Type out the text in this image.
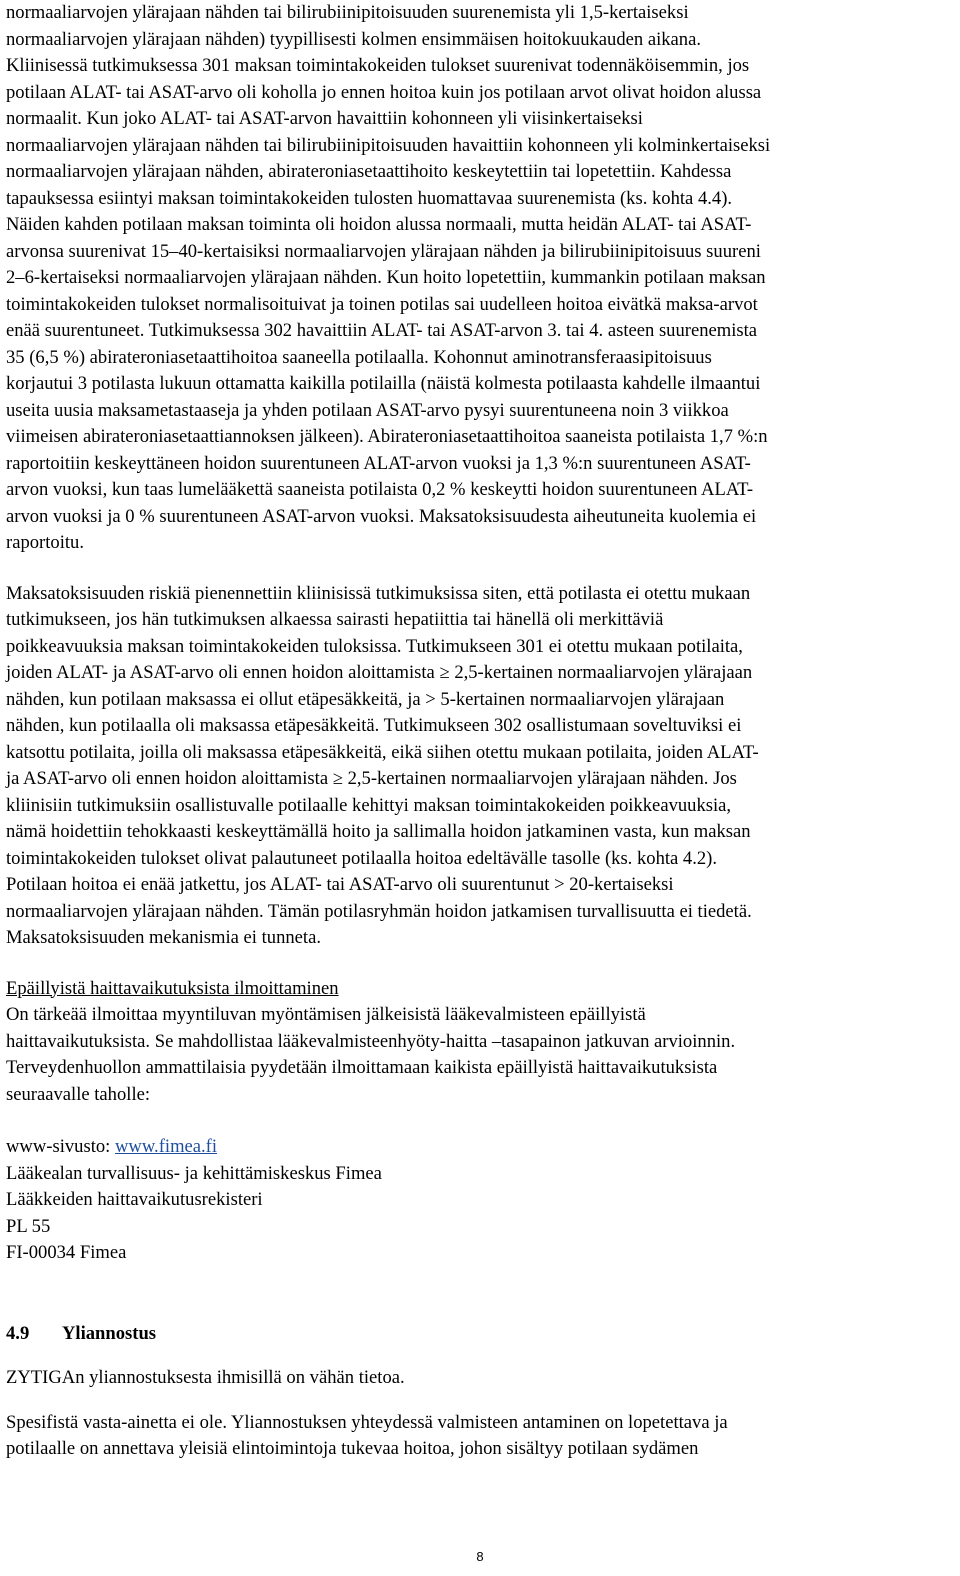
normaaliarvojen ylärajaan nähden tai bilirubiinipitoisuuden suurenemista yli 1,5-kertaiseksi
normaaliarvojen ylärajaan nähden) tyypillisesti kolmen ensimmäisen hoitokuukauden aikana.
Kliinisessä tutkimuksessa 301 maksan toimintakokeiden tulokset suurenivat todennäköisemmin, jos
potilaan ALAT- tai ASAT-arvo oli koholla jo ennen hoitoa kuin jos potilaan arvot olivat hoidon alussa
normaalit. Kun joko ALAT- tai ASAT-arvon havaittiin kohonneen yli viisinkertaiseksi
normaaliarvojen ylärajaan nähden tai bilirubiinipitoisuuden havaittiin kohonneen yli kolminkertaiseksi
normaaliarvojen ylärajaan nähden, abirateroniasetaattihoito keskeytettiin tai lopetettiin. Kahdessa
tapauksessa esiintyi maksan toimintakokeiden tulosten huomattavaa suurenemista (ks. kohta 4.4).
Näiden kahden potilaan maksan toiminta oli hoidon alussa normaali, mutta heidän ALAT- tai ASAT-
arvonsa suurenivat 15–40-kertaisiksi normaaliarvojen ylärajaan nähden ja bilirubiinipitoisuus suureni
2–6-kertaiseksi normaaliarvojen ylärajaan nähden. Kun hoito lopetettiin, kummankin potilaan maksan
toimintakokeiden tulokset normalisoituivat ja toinen potilas sai uudelleen hoitoa eivätkä maksa-arvot
enää suurentuneet. Tutkimuksessa 302 havaittiin ALAT- tai ASAT-arvon 3. tai 4. asteen suurenemista
35 (6,5 %) abirateroniasetaattihoitoa saaneella potilaalla. Kohonnut aminotransferaasipitoisuus
korjautui 3 potilasta lukuun ottamatta kaikilla potilailla (näistä kolmesta potilaasta kahdelle ilmaantui
useita uusia maksametastaaseja ja yhden potilaan ASAT-arvo pysyi suurentuneena noin 3 viikkoa
viimeisen abirateroniasetaattiannoksen jälkeen). Abirateroniasetaattihoitoa saaneista potilaista 1,7 %:n
raportoitiin keskeyttäneen hoidon suurentuneen ALAT-arvon vuoksi ja 1,3 %:n suurentuneen ASAT-
arvon vuoksi, kun taas lumelääkettä saaneista potilaista 0,2 % keskeytti hoidon suurentuneen ALAT-
arvon vuoksi ja 0 % suurentuneen ASAT-arvon vuoksi. Maksatoksisuudesta aiheutuneita kuolemia ei
raportoitu.

Maksatoksisuuden riskiä pienennettiin kliinisissä tutkimuksissa siten, että potilasta ei otettu mukaan
tutkimukseen, jos hän tutkimuksen alkaessa sairasti hepatiittia tai hänellä oli merkittäviä
poikkeavuuksia maksan toimintakokeiden tuloksissa. Tutkimukseen 301 ei otettu mukaan potilaita,
joiden ALAT- ja ASAT-arvo oli ennen hoidon aloittamista ≥ 2,5-kertainen normaaliarvojen ylärajaan
nähden, kun potilaan maksassa ei ollut etäpesäkkeitä, ja > 5-kertainen normaaliarvojen ylärajaan
nähden, kun potilaalla oli maksassa etäpesäkkeitä. Tutkimukseen 302 osallistumaan soveltuviksi ei
katsottu potilaita, joilla oli maksassa etäpesäkkeitä, eikä siihen otettu mukaan potilaita, joiden ALAT-
ja ASAT-arvo oli ennen hoidon aloittamista ≥ 2,5-kertainen normaaliarvojen ylärajaan nähden. Jos
kliinisiin tutkimuksiin osallistuvalle potilaalle kehittyi maksan toimintakokeiden poikkeavuuksia,
nämä hoidettiin tehokkaasti keskeyttämällä hoito ja sallimalla hoidon jatkaminen vasta, kun maksan
toimintakokeiden tulokset olivat palautuneet potilaalla hoitoa edeltävälle tasolle (ks. kohta 4.2).
Potilaan hoitoa ei enää jatkettu, jos ALAT- tai ASAT-arvo oli suurentunut > 20-kertaiseksi
normaaliarvojen ylärajaan nähden. Tämän potilasryhmän hoidon jatkamisen turvallisuutta ei tiedetä.
Maksatoksisuuden mekanismia ei tunneta.

Epäillyistä haittavaikutuksista ilmoittaminen

On tärkeää ilmoittaa myyntiluvan myöntämisen jälkeisistä lääkevalmisteen epäillyistä
haittavaikutuksista. Se mahdollistaa lääkevalmisteenhyöty-haitta –tasapainon jatkuvan arvioinnin.
Terveydenhuollon ammattilaisia pyydetään ilmoittamaan kaikista epäillyistä haittavaikutuksista
seuraavalle taholle:

www-sivusto: www.fimea.fi
Lääkealan turvallisuus- ja kehittämiskeskus Fimea
Lääkkeiden haittavaikutusrekisteri
PL 55
FI-00034 Fimea
4.9	Yliannostus

ZYTIGAn yliannostuksesta ihmisillä on vähän tietoa.

Spesifistä vasta-ainetta ei ole. Yliannostuksen yhteydessä valmisteen antaminen on lopetettava ja
potilaalle on annettava yleisiä elintoimintoja tukevaa hoitoa, johon sisältyy potilaan sydämen

8
